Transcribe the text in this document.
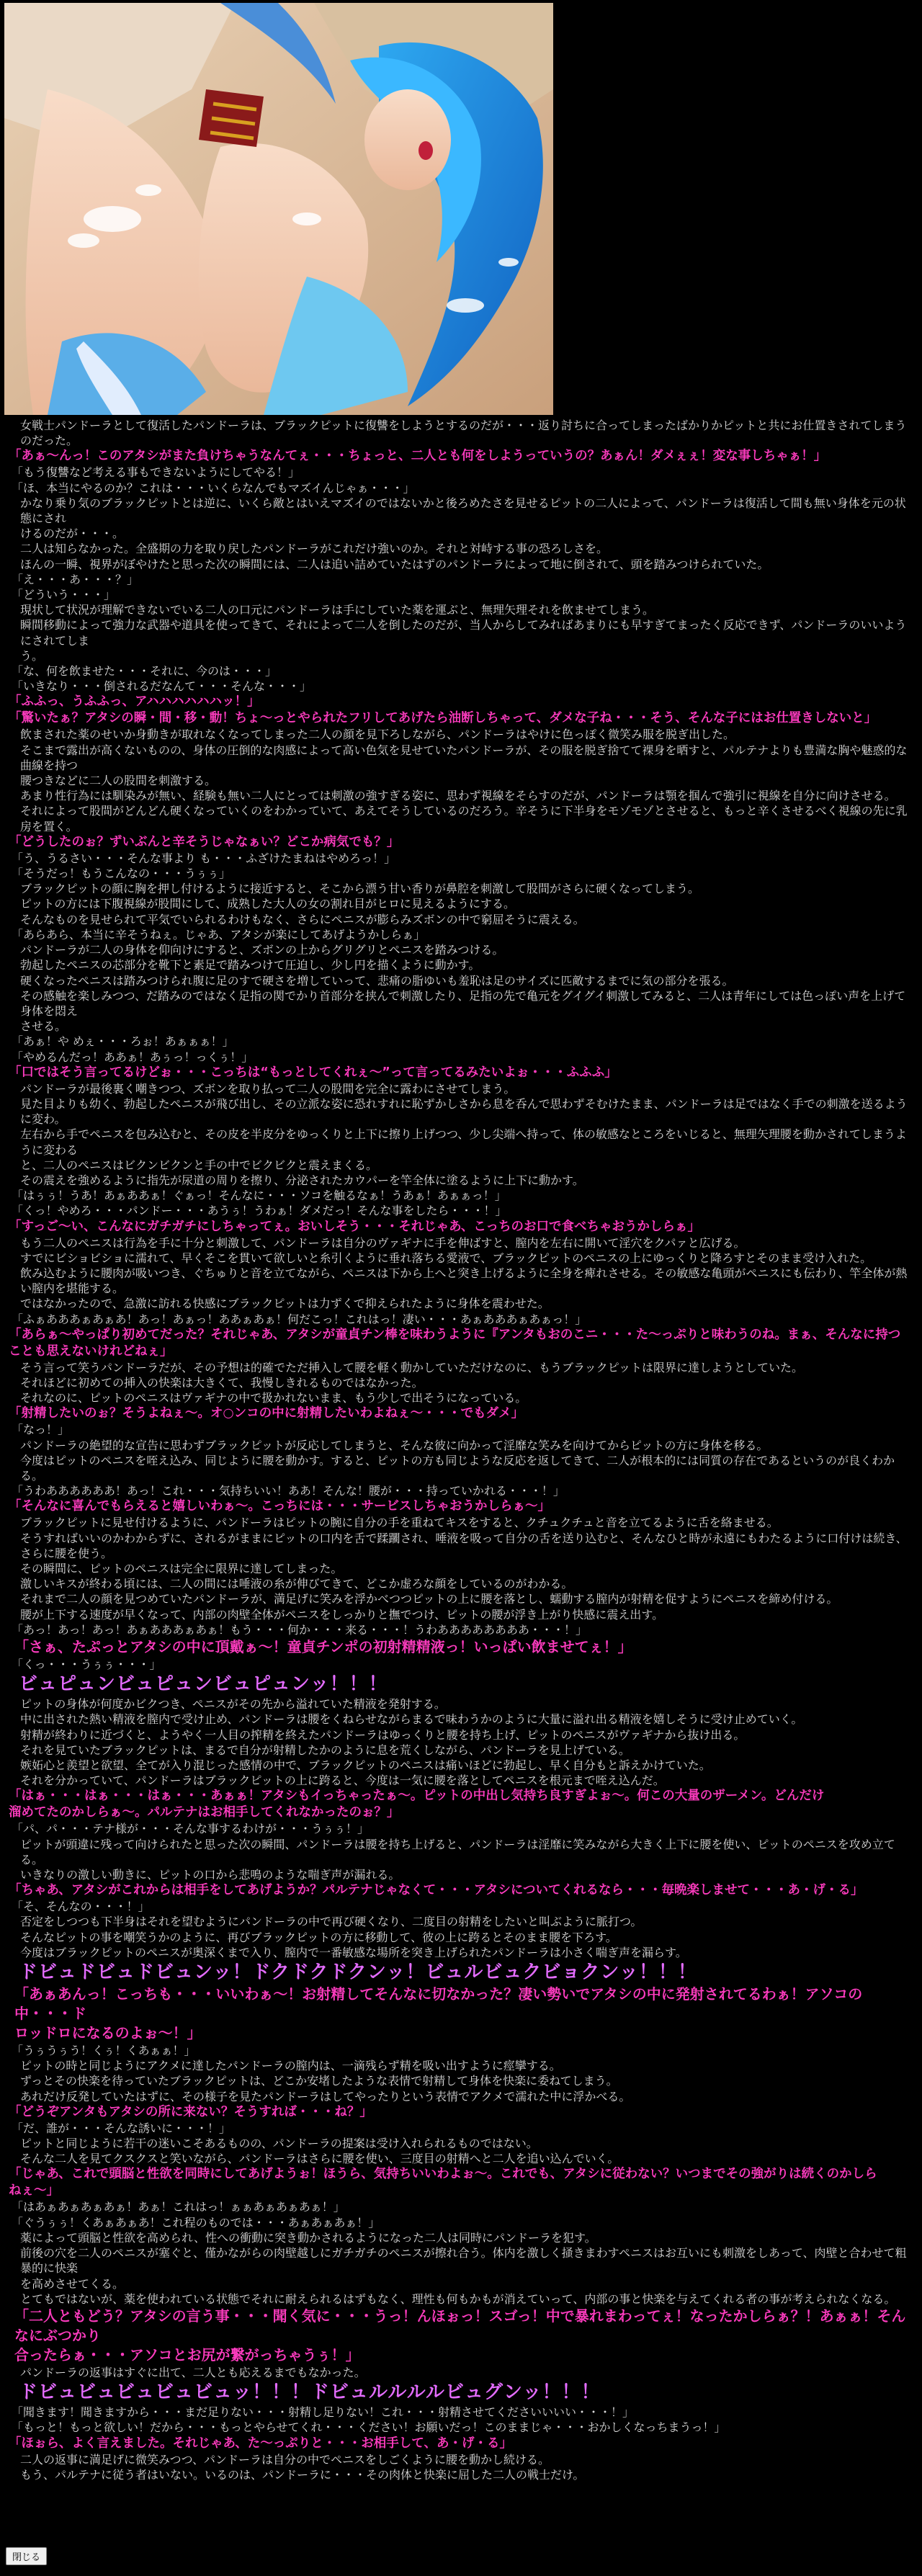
女戦士パンドーラとして復活したパンドーラは、ブラックピットに復讐をしようとするのだが・・・返り討ちに合ってしまったばかりかピットと共にお仕置きされてしまうのだった。
「あぁ～んっ！このアタシがまた負けちゃうなんてぇ・・・ちょっと、二人とも何をしようっていうの？あぁん！ダメぇぇ！変な事しちゃぁ！」
「もう復讐など考える事もできないようにしてやる！」
「ほ、本当にやるのか？これは・・・いくらなんでもマズイんじゃぁ・・・」
かなり乗り気のブラックピットとは逆に、いくら敵とはいえマズイのではないかと後ろめたさを見せるピットの二人によって、パンドーラは復活して間も無い身体を元の状態にされ
けるのだが・・・。
二人は知らなかった。全盛期の力を取り戻したパンドーラがこれだけ強いのか。それと対峙する事の恐ろしさを。
ほんの一瞬、視界がぼやけたと思った次の瞬間には、二人は追い詰めていたはずのパンドーラによって地に倒されて、頭を踏みつけられていた。
「え・・・あ・・・？」
「どういう・・・」
現状して状況が理解できないでいる二人の口元にパンドーラは手にしていた薬を運ぶと、無理矢理それを飲ませてしまう。
瞬間移動によって強力な武器や道具を使ってきて、それによって二人を倒したのだが、当人からしてみればあまりにも早すぎてまったく反応できず、パンドーラのいいようにされてしま
う。
「な、何を飲ませた・・・それに、今のは・・・」
「いきなり・・・倒されるだなんて・・・そんな・・・」
「ふふっ、うふふっ、アハハハハハハッ！」
「驚いたぁ？アタシの瞬・間・移・動！ちょ～っとやられたフリしてあげたら油断しちゃって、ダメな子ね・・・そう、そんな子にはお仕置きしないと」
飲まされた薬のせいか身動きが取れなくなってしまった二人の顔を見下ろしながら、パンドーラはやけに色っぽく微笑み服を脱ぎ出した。
そこまで露出が高くないものの、身体の圧倒的な肉感によって高い色気を見せていたパンドーラが、その服を脱ぎ捨てて裸身を晒すと、パルテナよりも豊満な胸や魅惑的な曲線を持つ
腰つきなどに二人の股間を刺激する。
あまり性行為には馴染みが無い、経験も無い二人にとっては刺激の強すぎる姿に、思わず視線をそらすのだが、パンドーラは顎を掴んで強引に視線を自分に向けさせる。
それによって股間がどんどん硬くなっていくのをわかっていて、あえてそうしているのだろう。辛そうに下半身をモゾモゾとさせると、もっと辛くさせるべく視線の先に乳房を置く。
「どうしたのぉ？ずいぶんと辛そうじゃなぁい？どこか病気でも？」
「う、うるさい・・・そんな事より も・・・ふざけたまねはやめろっ！」
「そうだっ！もうこんなの・・・うぅぅ」
ブラックピットの顔に胸を押し付けるように接近すると、そこから漂う甘い香りが鼻腔を刺激して股間がさらに硬くなってしまう。
ピットの方には下腹視線が股間にして、成熟した大人の女の割れ目がヒロに見えるようにする。
そんなものを見せられて平気でいられるわけもなく、さらにペニスが膨らみズボンの中で窮屈そうに震える。
「あらあら、本当に辛そうねぇ。じゃあ、アタシが楽にしてあげようかしらぁ」
パンドーラが二人の身体を仰向けにすると、ズボンの上からグリグリとペニスを踏みつける。
勃起したペニスの芯部分を靴下と素足で踏みつけて圧迫し、少し円を描くように動かす。
硬くなったペニスは踏みつけられ腹に足のすで硬さを増していって、悲痛の脂ゆいも羞恥は足のサイズに匹敵するまでに気の部分を張る。
その感触を楽しみつつ、だ踏みのではなく足指の関でかり首部分を挟んで刺激したり、足指の先で亀元をグイグイ刺激してみると、二人は青年にしては色っぽい声を上げて身体を悶え
させる。
「あぁ！や めぇ・・・ろぉ！あぁぁぁ！」
「やめるんだっ！ああぁ！あぅっ！っくぅ！」
「口ではそう言ってるけどぉ・・・こっちは“もっとしてくれぇ～”って言ってるみたいよぉ・・・ふふふ」
パンドーラが最後裏く嘲きつつ、ズボンを取り払って二人の股間を完全に露わにさせてしまう。
見た目よりも幼く、勃起したペニスが飛び出し、その立派な姿に恐れすれに恥ずかしさから息を呑んで思わずそむけたまま、パンドーラは足ではなく手での刺激を送るように変わ。
左右から手でペニスを包み込むと、その皮を半皮分をゆっくりと上下に擦り上げつつ、少し尖端へ持って、体の敏感なところをいじると、無理矢理腰を動かされてしまうように変わる
と、二人のペニスはビクンビクンと手の中でビクビクと震えまくる。
その震えを強めるように指先が尿道の周りを擦り、分泌されたカウパーを竿全体に塗るように上下に動かす。
「はぅぅ！うあ！あぁああぁ！ぐぁっ！そんなに・・・ソコを触るなぁ！うあぁ！あぁぁっ！」
「くっ！やめろ・・・パンドー・・・あうぅ！うわぁ！ダメだっ！そんな事をしたら・・・！」
「すっご～い、こんなにガチガチにしちゃってぇ。おいしそう・・・それじゃあ、こっちのお口で食べちゃおうかしらぁ」
もう二人のペニスは行為を手に十分と刺激して、パンドーラは自分のヴァギナに手を伸ばすと、膣内を左右に開いて淫穴をクパァと広げる。
すでにビショビショに濡れて、早くそこを貫いて欲しいと糸引くように垂れ落ちる愛液で、ブラックピットのペニスの上にゆっくりと降ろすとそのまま受け入れた。
飲み込むように腰肉が吸いつき、ぐちゅりと音を立てながら、ペニスは下から上へと突き上げるように全身を痺れさせる。その敏感な亀頭がペニスにも伝わり、竿全体が熱い膣内を堪能する。
ではなかったので、急激に訪れる快感にブラックピットは力ずくで抑えられたように身体を震わせた。
「ふぁあああぁあぁあ！あっ！あぁっ！ああぁあぁ！何だこっ！これはっ！凄い・・・あぁあああぁあぁっ！」
「あらぁ～やっぱり初めてだった？それじゃあ、アタシが童貞チン棒を味わうように『アンタもおのこニ・・・た～っぷりと味わうのね。まぁ、そんなに持つ
ことも思えないけれどねぇ」
そう言って笑うパンドーラだが、その予想は的確でただ挿入して腰を軽く動かしていただけなのに、もうブラックピットは限界に達しようとしていた。
それほどに初めての挿入の快楽は大きくて、我慢しきれるものではなかった。
それなのに、ピットのペニスはヴァギナの中で扱かれないまま、もう少しで出そうになっている。
「射精したいのぉ？そうよねぇ～。オ○ンコの中に射精したいわよねぇ～・・・でもダメ」
「なっ！」
パンドーラの絶望的な宣告に思わずブラックピットが反応してしまうと、そんな彼に向かって淫靡な笑みを向けてからピットの方に身体を移る。
今度はピットのペニスを咥え込み、同じように腰を動かす。すると、ピットの方も同じような反応を返してきて、二人が根本的には同質の存在であるというのが良くわかる。
「うわああああああ！あっ！これ・・・気持ちいい！ああ！そんな！腰が・・・持っていかれる・・・！」
「そんなに喜んでもらえると嬉しいわぁ～。こっちには・・・サービスしちゃおうかしらぁ～」
ブラックピットに見せ付けるように、パンドーラはピットの腕に自分の手を重ねてキスをすると、クチュクチュと音を立てるように舌を絡ませる。
そうすればいいのかわからずに、されるがままにピットの口内を舌で蹂躙され、唾液を吸って自分の舌を送り込むと、そんなひと時が永遠にもわたるように口付けは続き、さらに腰を使う。
その瞬間に、ピットのペニスは完全に限界に達してしまった。
激しいキスが終わる頃には、二人の間には唾液の糸が伸びてきて、どこか虚ろな顔をしているのがわかる。
それまで二人の顔を見つめていたパンドーラが、満足げに笑みを浮かべつつピットの上に腰を落とし、蠕動する膣内が射精を促すようにペニスを締め付ける。
腰が上下する速度が早くなって、内部の肉壁全体がペニスをしっかりと撫でつけ、ピットの腰が浮き上がり快感に震え出す。
「あっ！あっ！あっ！あぁあああぁあぁ！もう・・・何か・・・来る・・・！うわああああああああ・・・！」
「さぁ、たぷっとアタシの中に頂戴ぁ～！童貞チンポの初射精精液っ！いっぱい飲ませてぇ！」
「くっ・・・うぅぅ・・・」
ビュピュンビュピュンビュピュンッ！！！
ピットの身体が何度かビクつき、ペニスがその先から溢れていた精液を発射する。
中に出された熱い精液を膣内で受け止め、パンドーラは腰をくねらせながらまるで味わうかのように大量に溢れ出る精液を嬉しそうに受け止めていく。
射精が終わりに近づくと、ようやく一人目の搾精を終えたパンドーラはゆっくりと腰を持ち上げ、ピットのペニスがヴァギナから抜け出る。
それを見ていたブラックピットは、まるで自分が射精したかのように息を荒くしながら、パンドーラを見上げている。
嫉妬心と羨望と欲望、全てが入り混じった感情の中で、ブラックピットのペニスは痛いほどに勃起し、早く自分もと訴えかけていた。
それを分かっていて、パンドーラはブラックピットの上に跨ると、今度は一気に腰を落としてペニスを根元まで咥え込んだ。
「はぁ・・・はぁ・・・はぁ・・・あぁぁ！アタシもイっちゃったぁ～。ピットの中出し気持ち良すぎよぉ～。何この大量のザーメン。どんだけ
溜めてたのかしらぁ～。パルテナはお相手してくれなかったのぉ？」
「パ、パ・・・テナ様が・・・そんな事するわけが・・・うぅぅ！」
ピットが頭違に残って向けられたと思った次の瞬間、パンドーラは腰を持ち上げると、パンドーラは淫靡に笑みながら大きく上下に腰を使い、ピットのペニスを攻め立てる。
いきなりの激しい動きに、ピットの口から悲鳴のような喘ぎ声が漏れる。
「ちゃあ、アタシがこれからは相手をしてあげようか？パルテナじゃなくて・・・アタシについてくれるなら・・・毎晩楽しませて・・・あ・げ・る」
「そ、そんなの・・・！」
否定をしつつも下半身はそれを望むようにパンドーラの中で再び硬くなり、二度目の射精をしたいと叫ぶように脈打つ。
そんなピットの事を嘲笑うかのように、再びブラックピットの方に移動して、彼の上に跨るとそのまま腰を下ろす。
今度はブラックピットのペニスが奥深くまで入り、膣内で一番敏感な場所を突き上げられたパンドーラは小さく喘ぎ声を漏らす。
ドビュドビュドビュンッ！ドクドクドクンッ！ビュルビュクビョクンッ！！！
「あぁあんっ！こっちも・・・いいわぁ～！お射精してそんなに切なかった？凄い勢いでアタシの中に発射されてるわぁ！アソコの中・・・ド
ロッドロになるのよぉ～！」
「うぅうぅう！くぅ！くあぁぁ！」
ピットの時と同じようにアクメに達したパンドーラの膣内は、一滴残らず精を吸い出すように痙攣する。
ずっとその快楽を待っていたブラックピットは、どこか安堵したような表情で射精して身体を快楽に委ねてしまう。
あれだけ反発していたはずに、その様子を見たパンドーラはしてやったりという表情でアクメで濡れた中に浮かべる。
「どうぞアンタもアタシの所に来ない？そうすれば・・・ね？」
「だ、誰が・・・そんな誘いに・・・！」
ピットと同じように若干の迷いこそあるものの、パンドーラの提案は受け入れられるものではない。
そんな二人を見てクスクスと笑いながら、パンドーラはさらに腰を使い、三度目の射精へと二人を追い込んでいく。
「じゃあ、これで頭脳と性欲を同時にしてあげようぉ！ほうら、気持ちいいわよぉ～。これでも、アタシに従わない？いつまでその強がりは続くのかしら
ねぇ～」
「はあぁあぁあぁあぁ！あぁ！これはっ！ぁぁあぁあぁあぁ！」
「ぐうぅぅ！くあぁあぁあ！これ程のものでは・・・あぁあぁあぁ！」
薬によって頭脳と性欲を高められ、性への衝動に突き動かされるようになった二人は同時にパンドーラを犯す。
前後の穴を二人のペニスが塞ぐと、僅かながらの肉壁越しにガチガチのペニスが擦れ合う。体内を激しく掻きまわすペニスはお互いにも刺激をしあって、肉壁と合わせて粗暴的に快楽
を高めさせてくる。
とてもではないが、薬を使われている状態でそれに耐えられるはずもなく、理性も何もかもが消えていって、内部の事と快楽を与えてくれる者の事が考えられなくなる。
「二人ともどう？アタシの言う事・・・聞く気に・・・うっ！んほぉっ！スゴっ！中で暴れまわってぇ！なったかしらぁ？！あぁぁ！そんなにぶつかり
合ったらぁ・・・アソコとお尻が繋がっちゃうぅ！」
パンドーラの返事はすぐに出て、二人とも応えるまでもなかった。
ドビュビュビュビュビュッ！！！ドビュルルルルビュグンッ！！！
「聞きます！聞きますから・・・まだ足りない・・・射精し足りない！これ・・・射精させてくださいいいい・・・！」
「もっと！もっと欲しい！だから・・・もっとやらせてくれ・・・ください！お願いだっ！このままじゃ・・・おかしくなっちまうっ！」
「ほぉら、よく言えました。それじゃあ、た～っぷりと・・・お相手して、あ・げ・る」
二人の返事に満足げに微笑みつつ、パンドーラは自分の中でペニスをしごくように腰を動かし続ける。
もう、パルテナに従う者はいない。いるのは、パンドーラに・・・その肉体と快楽に屈した二人の戦士だけ。
閉じる
